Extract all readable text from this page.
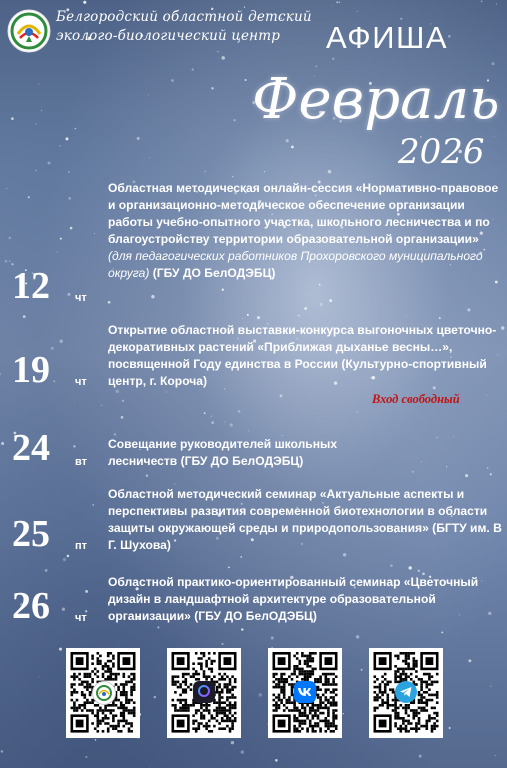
Белгородский областной детский
эколого-биологический центр	АФИША
Февраль
2026
12 чт
Областная методическая онлайн-сессия «Нормативно-правовое и организационно-методическое обеспечение организации работы учебно-опытного участка, школьного лесничества и по благоустройству территории образовательной организации» (для педагогических работников Прохоровского муниципального округа) (ГБУ ДО БелОДЭБЦ)
19 чт
Открытие областной выставки-конкурса выгоночных цветочно-декоративных растений «Приближая дыханье весны…», посвященной Году единства в России (Культурно-спортивный центр, г. Короча)
Вход свободный
24 вт
Совещание руководителей школьных лесничеств (ГБУ ДО БелОДЭБЦ)
25 пт
Областной методический семинар «Актуальные аспекты и перспективы развития современной биотехнологии в области защиты окружающей среды и природопользования» (БГТУ им. В Г. Шухова)
26 чт
Областной практико-ориентированный семинар «Цветочный дизайн в ландшафтной архитектуре образовательной организации» (ГБУ ДО БелОДЭБЦ)
